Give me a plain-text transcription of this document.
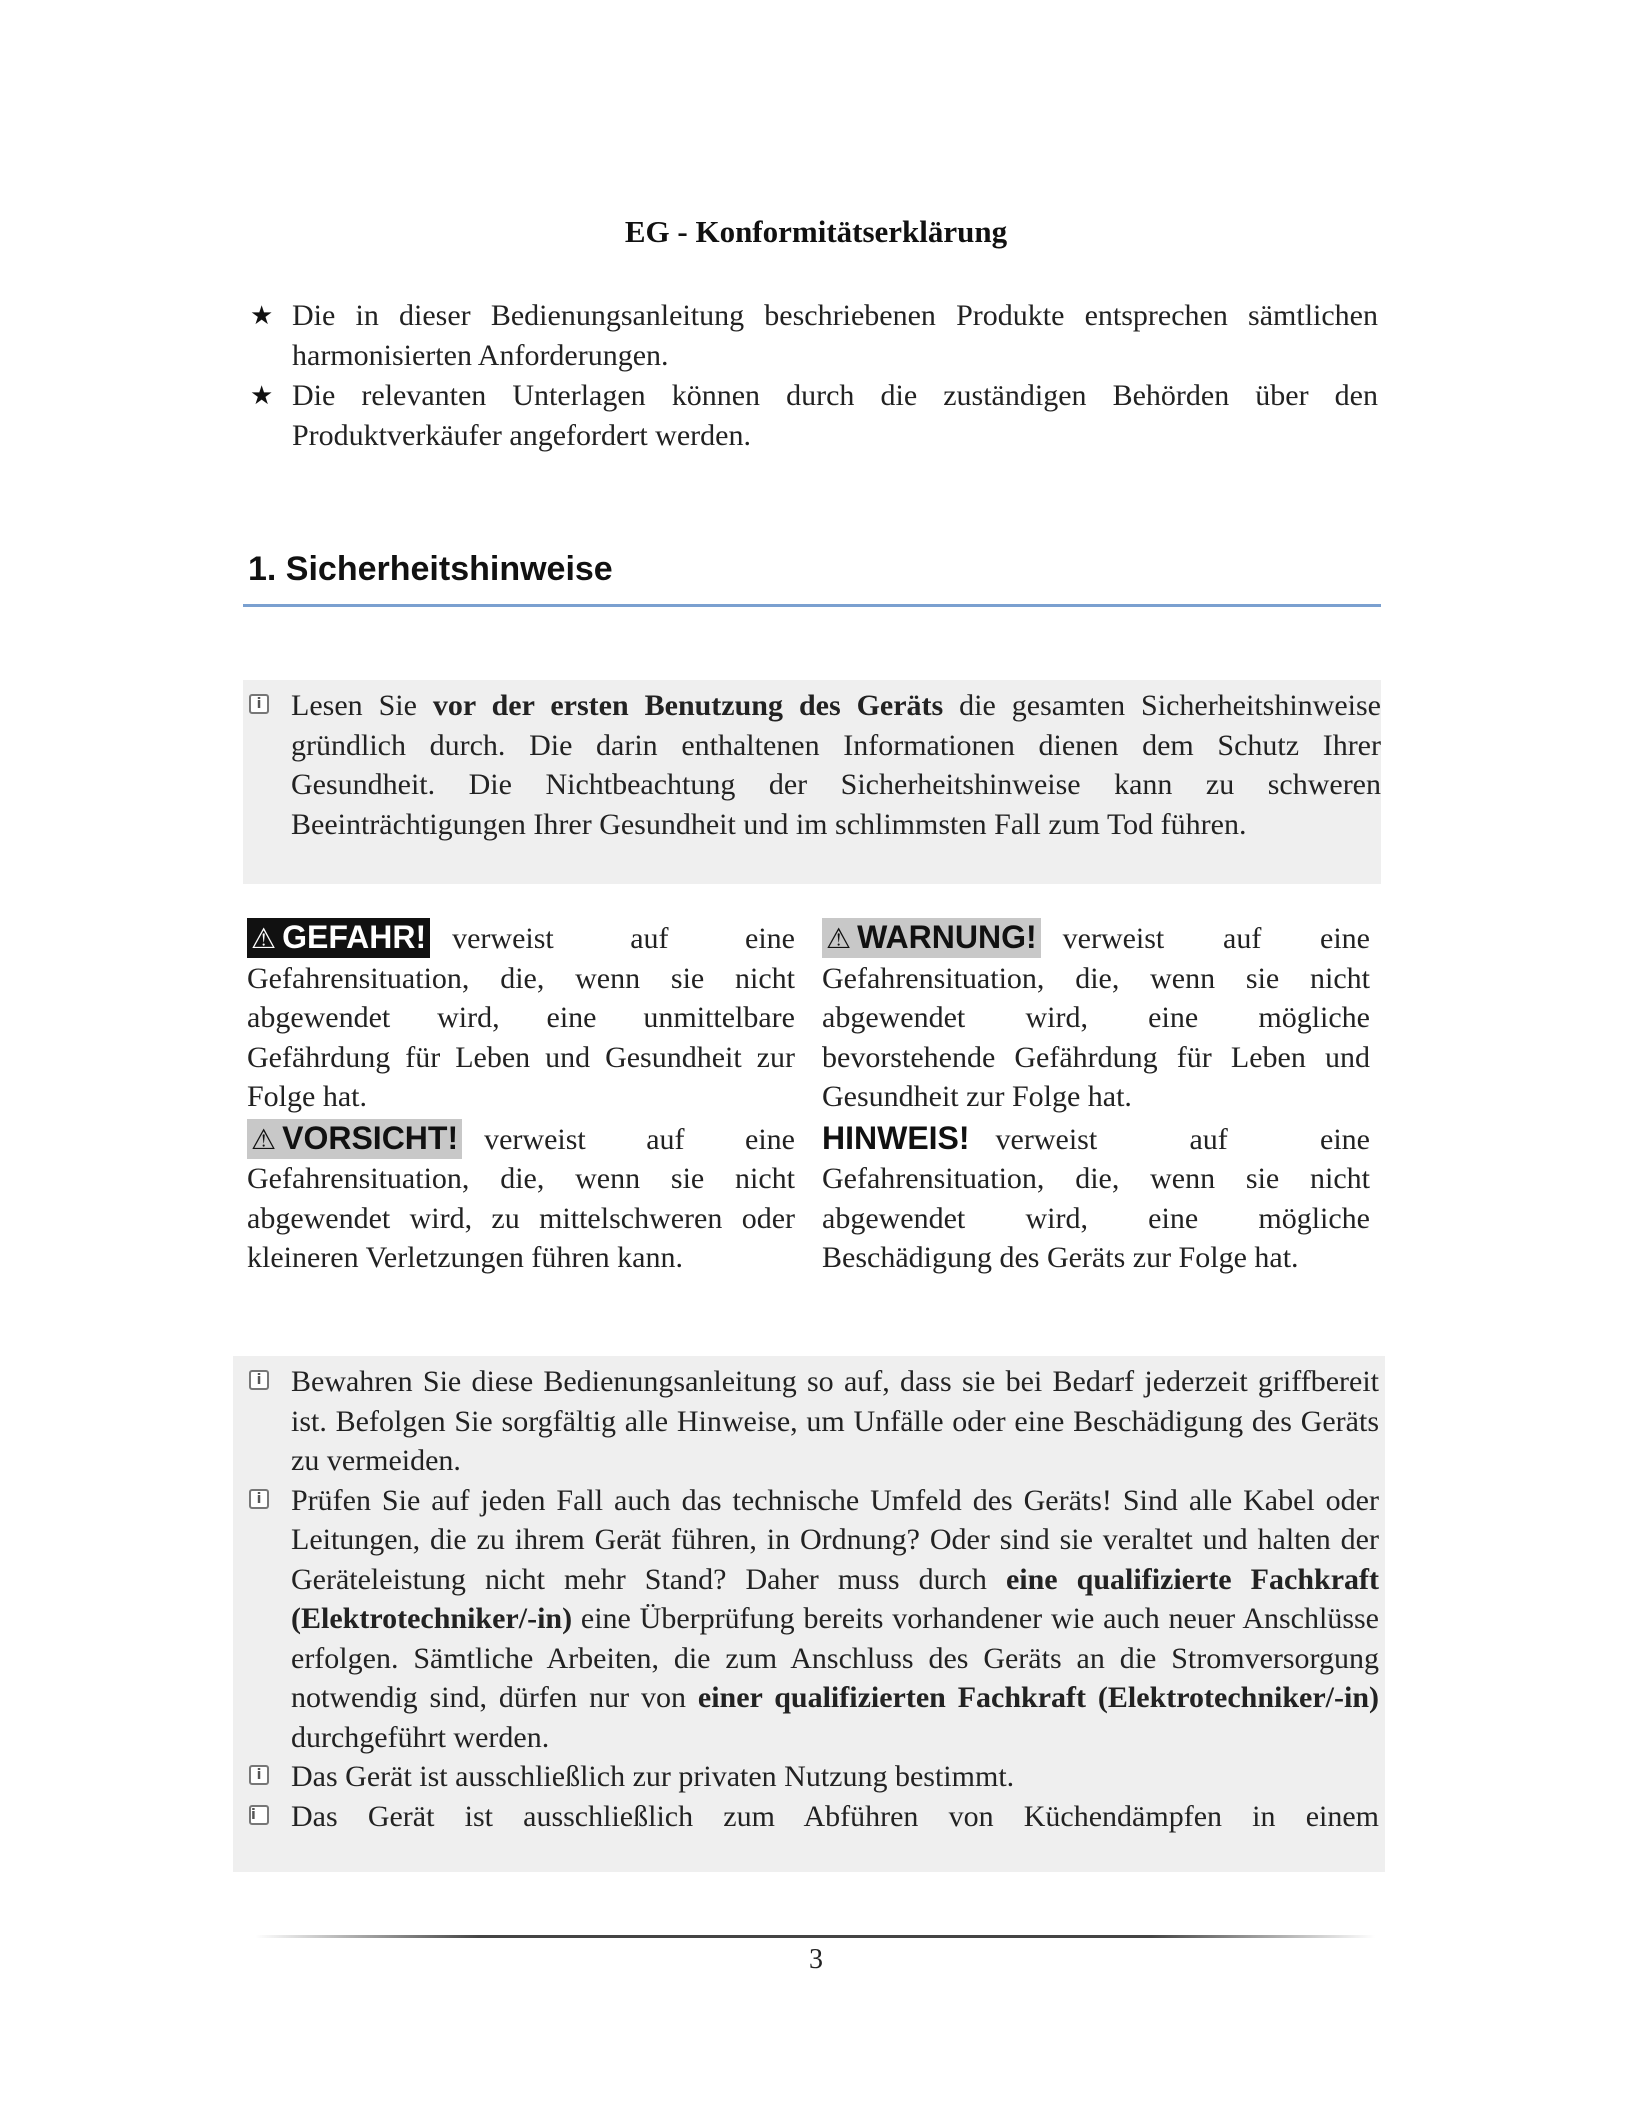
EG - Konformitätserklärung
★ Die in dieser Bedienungsanleitung beschriebenen Produkte entsprechen sämtlichen harmonisierten Anforderungen.
★ Die relevanten Unterlagen können durch die zuständigen Behörden über den Produktverkäufer angefordert werden.
1. Sicherheitshinweise

i Lesen Sie vor der ersten Benutzung des Geräts die gesamten Sicherheitshinweise gründlich durch. Die darin enthaltenen Informationen dienen dem Schutz Ihrer Gesundheit. Die Nichtbeachtung der Sicherheitshinweise kann zu schweren Beeinträchtigungen Ihrer Gesundheit und im schlimmsten Fall zum Tod führen.

⚠ GEFAHR! verweist auf eine Gefahrensituation, die, wenn sie nicht abgewendet wird, eine unmittelbare Gefährdung für Leben und Gesundheit zur Folge hat.

⚠ VORSICHT! verweist auf eine Gefahrensituation, die, wenn sie nicht abgewendet wird, zu mittelschweren oder kleineren Verletzungen führen kann.

⚠ WARNUNG! verweist auf eine Gefahrensituation, die, wenn sie nicht abgewendet wird, eine mögliche bevorstehende Gefährdung für Leben und Gesundheit zur Folge hat.

HINWEIS! verweist auf eine Gefahrensituation, die, wenn sie nicht abgewendet wird, eine mögliche Beschädigung des Geräts zur Folge hat.

i Bewahren Sie diese Bedienungsanleitung so auf, dass sie bei Bedarf jederzeit griffbereit ist. Befolgen Sie sorgfältig alle Hinweise, um Unfälle oder eine Beschädigung des Geräts zu vermeiden.

i Prüfen Sie auf jeden Fall auch das technische Umfeld des Geräts! Sind alle Kabel oder Leitungen, die zu ihrem Gerät führen, in Ordnung? Oder sind sie veraltet und halten der Geräteleistung nicht mehr Stand? Daher muss durch eine qualifizierte Fachkraft (Elektrotechniker/-in) eine Überprüfung bereits vorhandener wie auch neuer Anschlüsse erfolgen. Sämtliche Arbeiten, die zum Anschluss des Geräts an die Stromversorgung notwendig sind, dürfen nur von einer qualifizierten Fachkraft (Elektrotechniker/-in) durchgeführt werden.

i Das Gerät ist ausschließlich zur privaten Nutzung bestimmt.

i	Das Gerät ist ausschließlich zum Abführen von Küchendämpfen in einem

3
